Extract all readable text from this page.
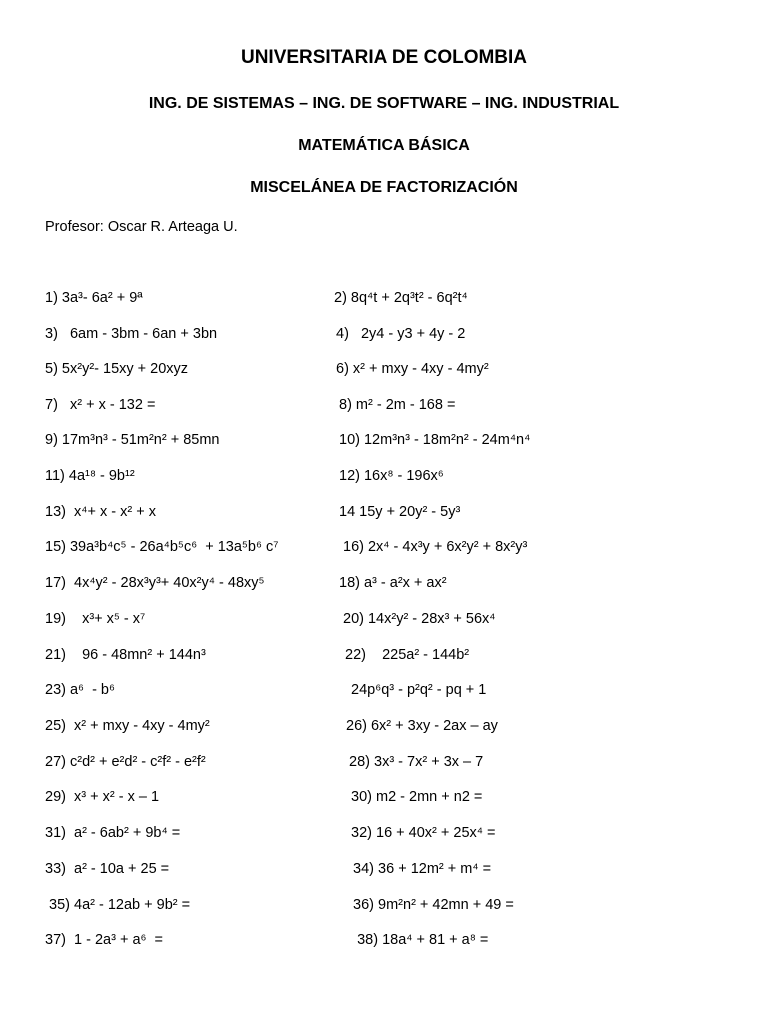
UNIVERSITARIA DE COLOMBIA
ING. DE SISTEMAS – ING. DE SOFTWARE – ING. INDUSTRIAL
MATEMÁTICA BÁSICA
MISCELÁNEA DE FACTORIZACIÓN
Profesor: Oscar R. Arteaga U.
1) 3a³- 6a² + 9ª	2) 8q⁴t + 2q³t² - 6q²t⁴
3)   6am - 3bm - 6an + 3bn	4)   2y4 - y3 + 4y - 2
5) 5x²y²- 15xy + 20xyz	6) x² + mxy - 4xy - 4my²
7)   x² + x - 132 =	8) m² - 2m - 168 =
9) 17m³n³ - 51m²n² + 85mn	10) 12m³n³ - 18m²n² - 24m⁴n⁴
11) 4a¹⁸ - 9b¹²	12) 16x⁸ - 196x⁶
13)  x⁴+ x - x² + x	14 15y + 20y² - 5y³
15) 39a³b⁴c⁵ - 26a⁴b⁵c⁶  + 13a⁵b⁶ c⁷	16) 2x⁴ - 4x³y + 6x²y² + 8x²y³
17)  4x⁴y² - 28x³y³+ 40x²y⁴ - 48xy⁵	18) a³ - a²x + ax²
19)    x³+ x⁵ - x⁷	20) 14x²y² - 28x³ + 56x⁴
21)    96 - 48mn² + 144n³	22)    225a² - 144b²
23) a⁶  - b⁶	24p⁶q³ - p²q² - pq + 1
25)  x² + mxy - 4xy - 4my²	26) 6x² + 3xy - 2ax – ay
27) c²d² + e²d² - c²f² - e²f²	28) 3x³ - 7x² + 3x – 7
29)  x³ + x² - x – 1	30) m2 - 2mn + n2 =
31)  a² - 6ab² + 9b⁴ =	32) 16 + 40x² + 25x⁴ =
33)  a² - 10a + 25 =	34) 36 + 12m² + m⁴ =
35) 4a² - 12ab + 9b² =	36) 9m²n² + 42mn + 49 =
37)  1 - 2a³ + a⁶  =	38) 18a⁴ + 81 + a⁸ =
